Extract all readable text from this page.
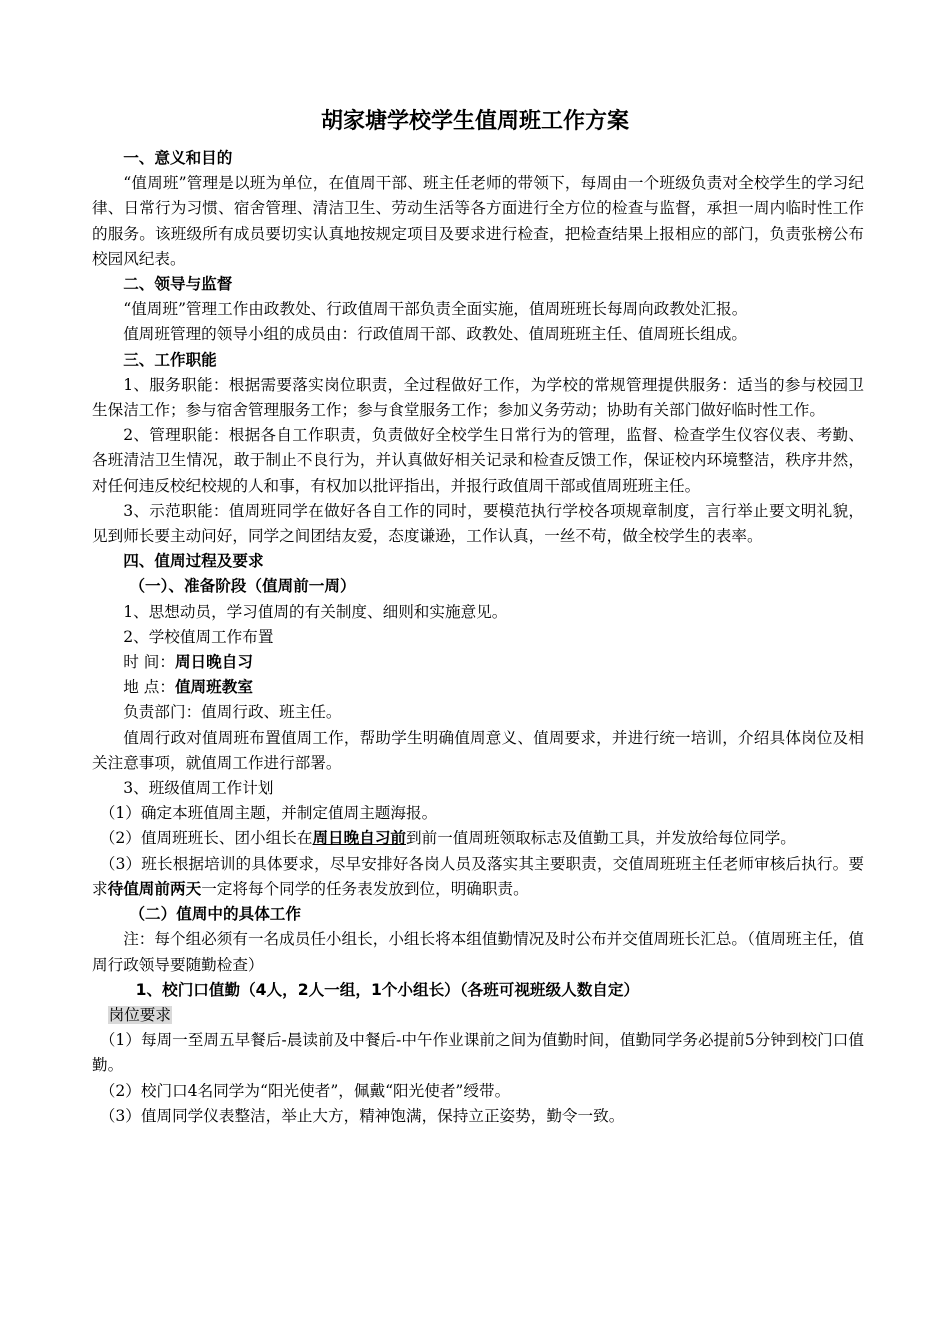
胡家塘学校学生值周班工作方案

一、意义和目的

“值周班”管理是以班为单位，在值周干部、班主任老师的带领下，每周由一个班级负责对全校学生的学习纪律、日常行为习惯、宿舍管理、清洁卫生、劳动生活等各方面进行全方位的检查与监督，承担一周内临时性工作的服务。该班级所有成员要切实认真地按规定项目及要求进行检查，把检查结果上报相应的部门，负责张榜公布校园风纪表。

二、领导与监督

“值周班”管理工作由政教处、行政值周干部负责全面实施，值周班班长每周向政教处汇报。

值周班管理的领导小组的成员由：行政值周干部、政教处、值周班班主任、值周班长组成。

三、工作职能

1、服务职能：根据需要落实岗位职责，全过程做好工作，为学校的常规管理提供服务：适当的参与校园卫生保洁工作；参与宿舍管理服务工作；参与食堂服务工作；参加义务劳动；协助有关部门做好临时性工作。

2、管理职能：根据各自工作职责，负责做好全校学生日常行为的管理，监督、检查学生仪容仪表、考勤、各班清洁卫生情况，敢于制止不良行为，并认真做好相关记录和检查反馈工作，保证校内环境整洁，秩序井然，对任何违反校纪校规的人和事，有权加以批评指出，并报行政值周干部或值周班班主任。

3、示范职能：值周班同学在做好各自工作的同时，要模范执行学校各项规章制度，言行举止要文明礼貌，见到师长要主动问好，同学之间团结友爱，态度谦逊，工作认真，一丝不苟，做全校学生的表率。

四、值周过程及要求

（一）、准备阶段（值周前一周）

1、思想动员，学习值周的有关制度、细则和实施意见。

2、学校值周工作布置

时 间：周日晚自习

地 点：值周班教室

负责部门：值周行政、班主任。

值周行政对值周班布置值周工作，帮助学生明确值周意义、值周要求，并进行统一培训，介绍具体岗位及相关注意事项，就值周工作进行部署。

3、班级值周工作计划

（1）确定本班值周主题，并制定值周主题海报。

（2）值周班班长、团小组长在周日晚自习前到前一值周班领取标志及值勤工具，并发放给每位同学。

（3）班长根据培训的具体要求，尽早安排好各岗人员及落实其主要职责，交值周班班主任老师审核后执行。要求待值周前两天一定将每个同学的任务表发放到位，明确职责。

（二）值周中的具体工作

注：每个组必须有一名成员任小组长，小组长将本组值勤情况及时公布并交值周班长汇总。（值周班主任，值周行政领导要随勤检查）

1、校门口值勤（4人，2人一组，1个小组长）（各班可视班级人数自定）

岗位要求

（1）每周一至周五早餐后-晨读前及中餐后-中午作业课前之间为值勤时间，值勤同学务必提前5分钟到校门口值勤。

（2）校门口4名同学为“阳光使者”，佩戴“阳光使者”绶带。

（3）值周同学仪表整洁，举止大方，精神饱满，保持立正姿势，勤令一致。
